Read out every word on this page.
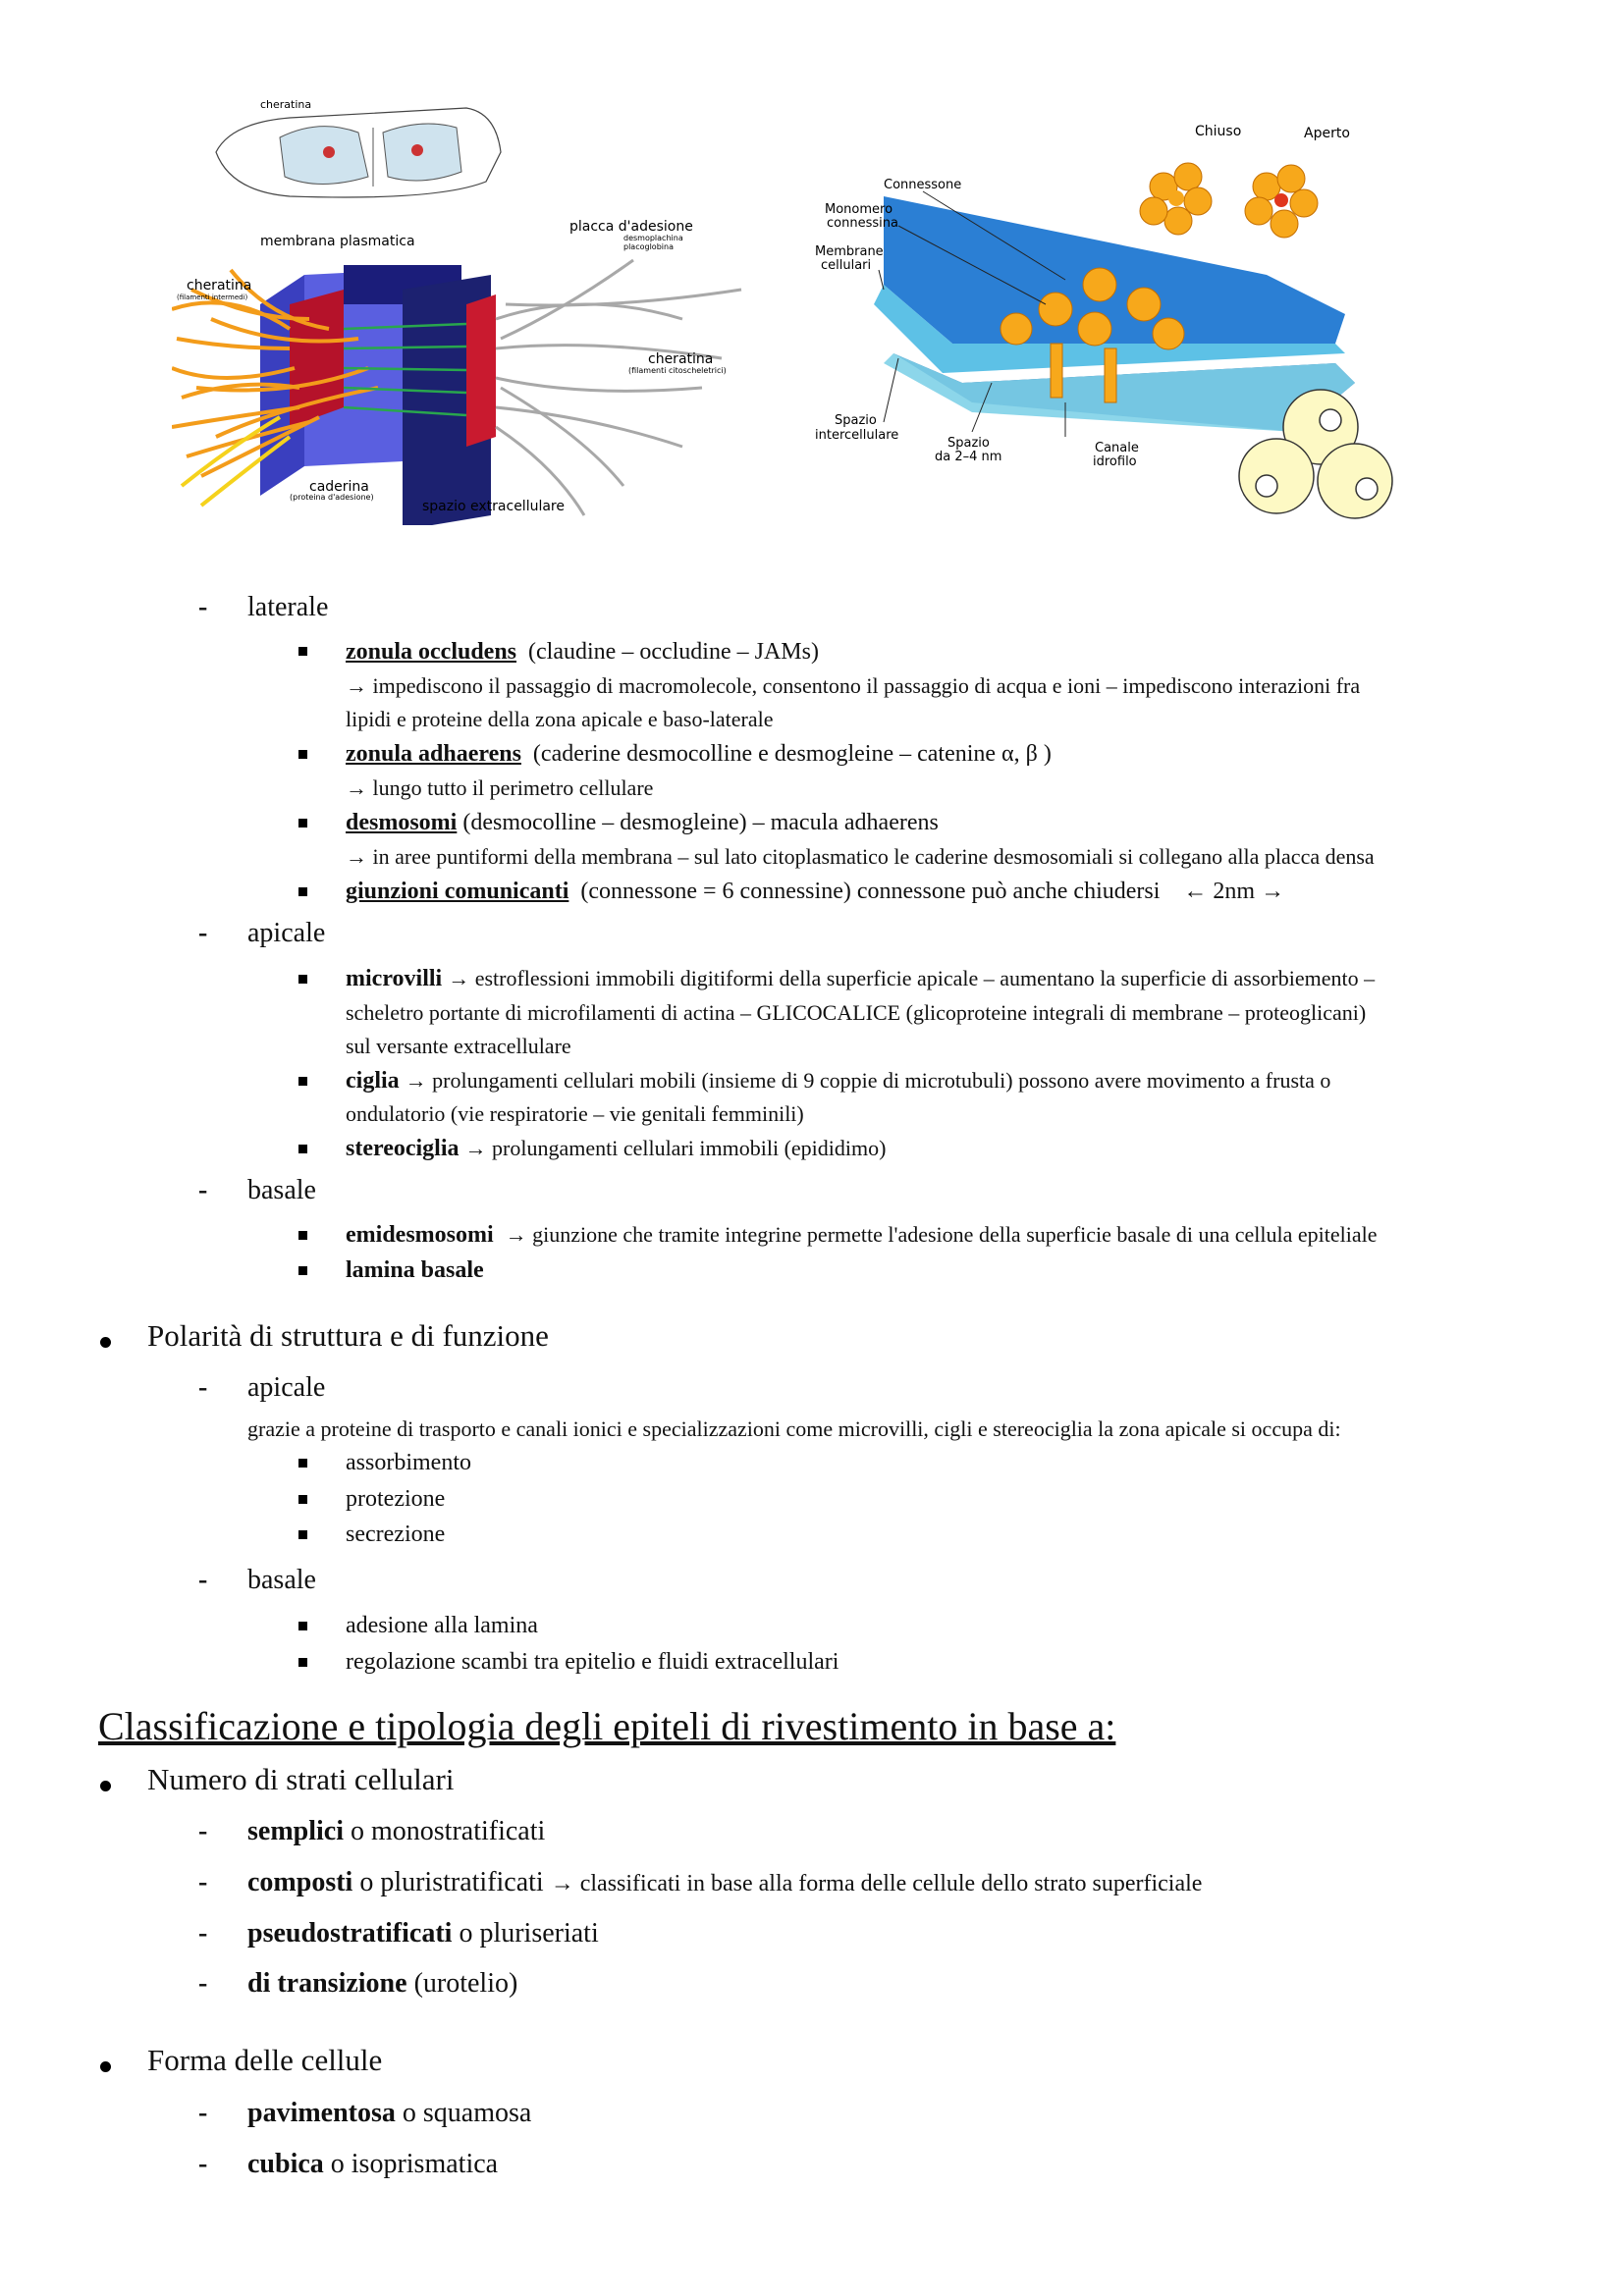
cheratina
membrana plasmatica
placca d'adesione
desmoplachina
placoglobina
cheratina
(filamenti intermedi)
cheratina
(filamenti citoscheletrici)
caderina
(proteina d'adesione)
spazio extracellulare
Chiuso	Aperto
Connessone
Monomero
connessina
Membrane
cellulari
Spazio
intercellulare
Spazio
da 2–4 nm
Canale
idrofilo
- laterale
zonula occludens (claudine – occludine – JAMs)
→ impediscono il passaggio di macromolecole, consentono il passaggio di acqua e ioni – impediscono interazioni fra
lipidi e proteine della zona apicale e baso-laterale
zonula adhaerens (caderine desmocolline e desmogleine – catenine α, β )
→ lungo tutto il perimetro cellulare
desmosomi (desmocolline – desmogleine) – macula adhaerens
→ in aree puntiformi della membrana – sul lato citoplasmatico le caderine desmosomiali si collegano alla placca densa
giunzioni comunicanti (connessone = 6 connessine) connessone può anche chiudersi ← 2nm →
- apicale
microvilli → estroflessioni immobili digitiformi della superficie apicale – aumentano la superficie di assorbiemento –
scheletro portante di microfilamenti di actina – GLICOCALICE (glicoproteine integrali di membrane – proteoglicani)
sul versante extracellulare
ciglia → prolungamenti cellulari mobili (insieme di 9 coppie di microtubuli) possono avere movimento a frusta o
ondulatorio (vie respiratorie – vie genitali femminili)
stereociglia → prolungamenti cellulari immobili (epididimo)
- basale
emidesmosomi → giunzione che tramite integrine permette l'adesione della superficie basale di una cellula epiteliale
lamina basale
Polarità di struttura e di funzione
- apicale
grazie a proteine di trasporto e canali ionici e specializzazioni come microvilli, cigli e stereociglia la zona apicale si occupa di:
assorbimento
protezione
secrezione
- basale
adesione alla lamina
regolazione scambi tra epitelio e fluidi extracellulari
Classificazione e tipologia degli epiteli di rivestimento in base a:
Numero di strati cellulari
- semplici o monostratificati
- composti o pluristratificati → classificati in base alla forma delle cellule dello strato superficiale
- pseudostratificati o pluriseriati
- di transizione (urotelio)
Forma delle cellule
- pavimentosa o squamosa
- cubica o isoprismatica
